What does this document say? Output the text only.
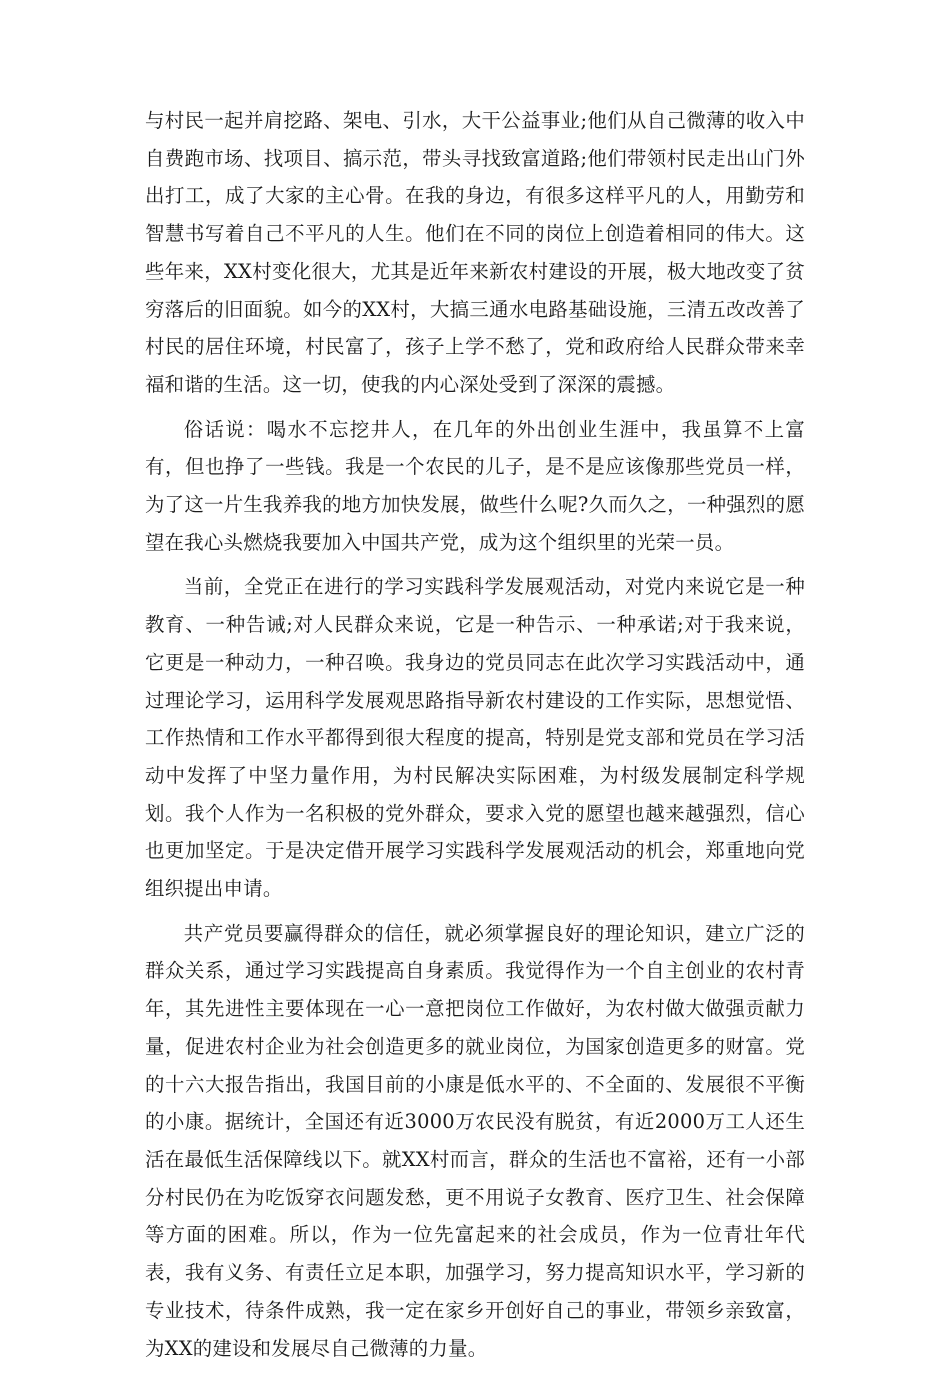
与村民一起并肩挖路、架电、引水，大干公益事业;他们从自己微薄的收入中自费跑市场、找项目、搞示范，带头寻找致富道路;他们带领村民走出山门外出打工，成了大家的主心骨。在我的身边，有很多这样平凡的人，用勤劳和智慧书写着自己不平凡的人生。他们在不同的岗位上创造着相同的伟大。这些年来，XX村变化很大，尤其是近年来新农村建设的开展，极大地改变了贫穷落后的旧面貌。如今的XX村，大搞三通水电路基础设施，三清五改改善了村民的居住环境，村民富了，孩子上学不愁了，党和政府给人民群众带来幸福和谐的生活。这一切，使我的内心深处受到了深深的震撼。

俗话说：喝水不忘挖井人，在几年的外出创业生涯中，我虽算不上富有，但也挣了一些钱。我是一个农民的儿子，是不是应该像那些党员一样，为了这一片生我养我的地方加快发展，做些什么呢?久而久之，一种强烈的愿望在我心头燃烧我要加入中国共产党，成为这个组织里的光荣一员。

当前，全党正在进行的学习实践科学发展观活动，对党内来说它是一种教育、一种告诫;对人民群众来说，它是一种告示、一种承诺;对于我来说，它更是一种动力，一种召唤。我身边的党员同志在此次学习实践活动中，通过理论学习，运用科学发展观思路指导新农村建设的工作实际，思想觉悟、工作热情和工作水平都得到很大程度的提高，特别是党支部和党员在学习活动中发挥了中坚力量作用，为村民解决实际困难，为村级发展制定科学规划。我个人作为一名积极的党外群众，要求入党的愿望也越来越强烈，信心也更加坚定。于是决定借开展学习实践科学发展观活动的机会，郑重地向党组织提出申请。

共产党员要赢得群众的信任，就必须掌握良好的理论知识，建立广泛的群众关系，通过学习实践提高自身素质。我觉得作为一个自主创业的农村青年，其先进性主要体现在一心一意把岗位工作做好，为农村做大做强贡献力量，促进农村企业为社会创造更多的就业岗位，为国家创造更多的财富。党的十六大报告指出，我国目前的小康是低水平的、不全面的、发展很不平衡的小康。据统计，全国还有近3000万农民没有脱贫，有近2000万工人还生活在最低生活保障线以下。就XX村而言，群众的生活也不富裕，还有一小部分村民仍在为吃饭穿衣问题发愁，更不用说子女教育、医疗卫生、社会保障等方面的困难。所以，作为一位先富起来的社会成员，作为一位青壮年代表，我有义务、有责任立足本职，加强学习，努力提高知识水平，学习新的专业技术，待条件成熟，我一定在家乡开创好自己的事业，带领乡亲致富，为XX的建设和发展尽自己微薄的力量。
